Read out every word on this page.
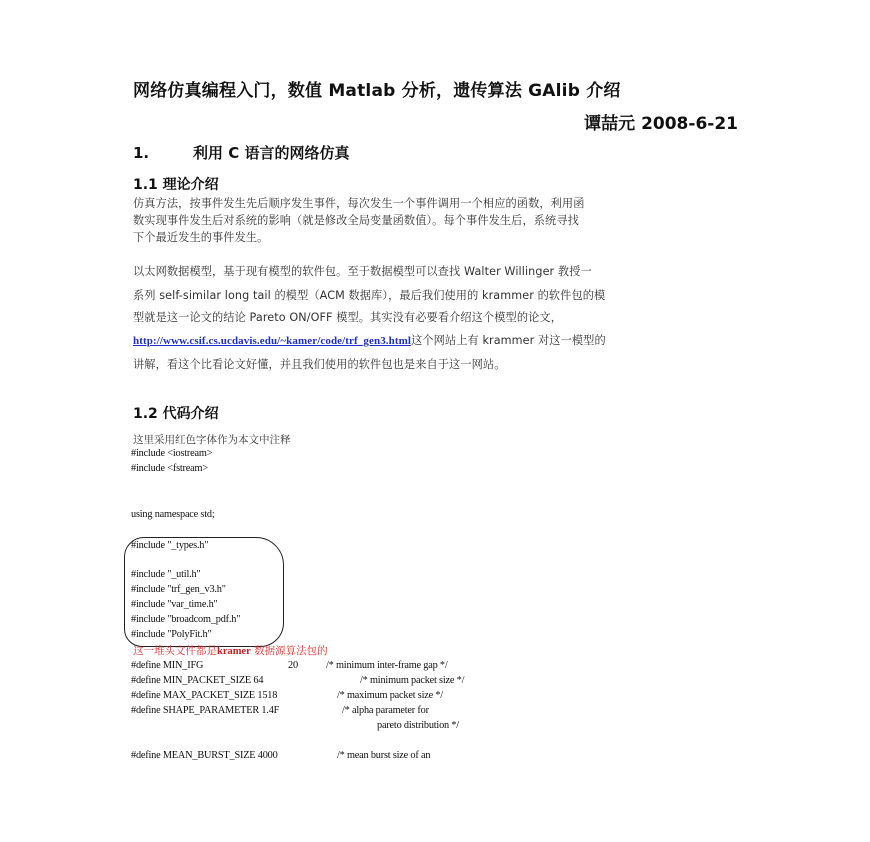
网络仿真编程入门，数值 Matlab 分析，遗传算法 GAlib 介绍
谭喆元 2008-6-21
1.	利用 C 语言的网络仿真
1.1 理论介绍
仿真方法，按事件发生先后顺序发生事件，每次发生一个事件调用一个相应的函数，利用函
数实现事件发生后对系统的影响（就是修改全局变量函数值）。每个事件发生后，系统寻找
下个最近发生的事件发生。
以太网数据模型，基于现有模型的软件包。至于数据模型可以查找 Walter Willinger 教授一
系列 self-similar long tail 的模型（ACM 数据库），最后我们使用的 krammer 的软件包的模
型就是这一论文的结论 Pareto ON/OFF 模型。其实没有必要看介绍这个模型的论文，
http://www.csif.cs.ucdavis.edu/~kamer/code/trf_gen3.html这个网站上有 krammer 对这一模型的
讲解，看这个比看论文好懂，并且我们使用的软件包也是来自于这一网站。
1.2 代码介绍
这里采用红色字体作为本文中注释
#include <iostream>
#include <fstream>
using namespace std;
#include "_types.h"
#include "_util.h"
#include "trf_gen_v3.h"
#include "var_time.h"
#include "broadcom_pdf.h"
#include "PolyFit.h"
这一堆头文件都是kramer 数据源算法包的
#define MIN_IFG	20	/* minimum inter-frame gap */
#define MIN_PACKET_SIZE 64	/* minimum packet size */
#define MAX_PACKET_SIZE 1518	/* maximum packet size */
#define SHAPE_PARAMETER 1.4F	/* alpha parameter for
pareto distribution */
#define MEAN_BURST_SIZE 4000	/* mean burst size of an
